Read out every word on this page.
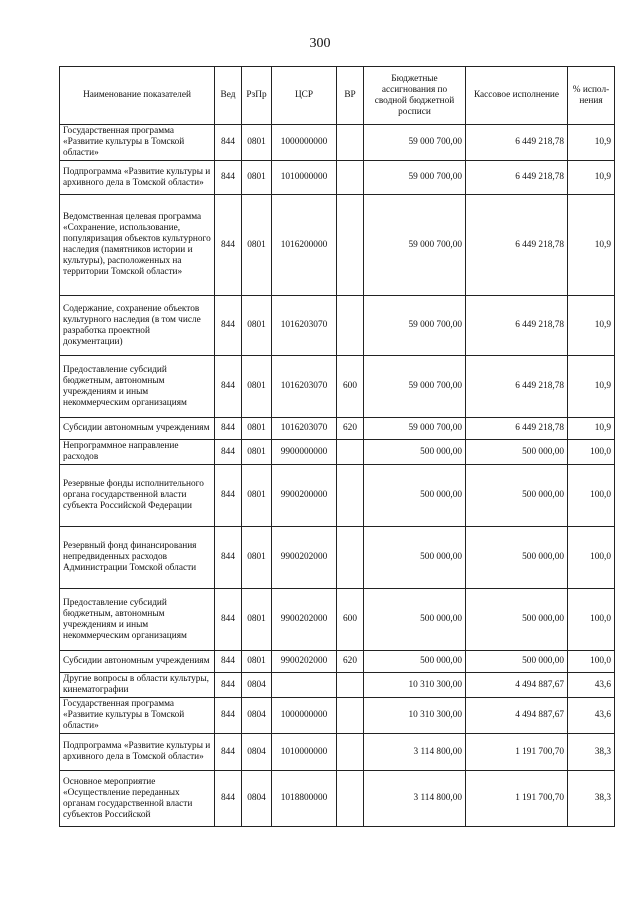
300
Наименование показателей	Вед	РзПр	ЦСР	ВР	Бюджетные ассигнования по сводной бюджетной росписи	Кассовое исполнение	% испол-нения
Государственная программа «Развитие культуры в Томской области»	844	0801	1000000000		59 000 700,00	6 449 218,78	10,9
Подпрограмма «Развитие культуры и архивного дела в Томской области»	844	0801	1010000000		59 000 700,00	6 449 218,78	10,9
Ведомственная целевая программа «Сохранение, использование, популяризация объектов культурного наследия (памятников истории и культуры), расположенных на территории Томской области»	844	0801	1016200000		59 000 700,00	6 449 218,78	10,9
Содержание, сохранение объектов культурного наследия (в том числе разработка проектной документации)	844	0801	1016203070		59 000 700,00	6 449 218,78	10,9
Предоставление субсидий бюджетным, автономным учреждениям и иным некоммерческим организациям	844	0801	1016203070	600	59 000 700,00	6 449 218,78	10,9
Субсидии автономным учреждениям	844	0801	1016203070	620	59 000 700,00	6 449 218,78	10,9
Непрограммное направление расходов	844	0801	9900000000		500 000,00	500 000,00	100,0
Резервные фонды исполнительного органа государственной власти субъекта Российской Федерации	844	0801	9900200000		500 000,00	500 000,00	100,0
Резервный фонд финансирования непредвиденных расходов Администрации Томской области	844	0801	9900202000		500 000,00	500 000,00	100,0
Предоставление субсидий бюджетным, автономным учреждениям и иным некоммерческим организациям	844	0801	9900202000	600	500 000,00	500 000,00	100,0
Субсидии автономным учреждениям	844	0801	9900202000	620	500 000,00	500 000,00	100,0
Другие вопросы в области культуры, кинематографии	844	0804			10 310 300,00	4 494 887,67	43,6
Государственная программа «Развитие культуры в Томской области»	844	0804	1000000000		10 310 300,00	4 494 887,67	43,6
Подпрограмма «Развитие культуры и архивного дела в Томской области»	844	0804	1010000000		3 114 800,00	1 191 700,70	38,3
Основное мероприятие «Осуществление переданных органам государственной власти субъектов Российской	844	0804	1018800000		3 114 800,00	1 191 700,70	38,3
